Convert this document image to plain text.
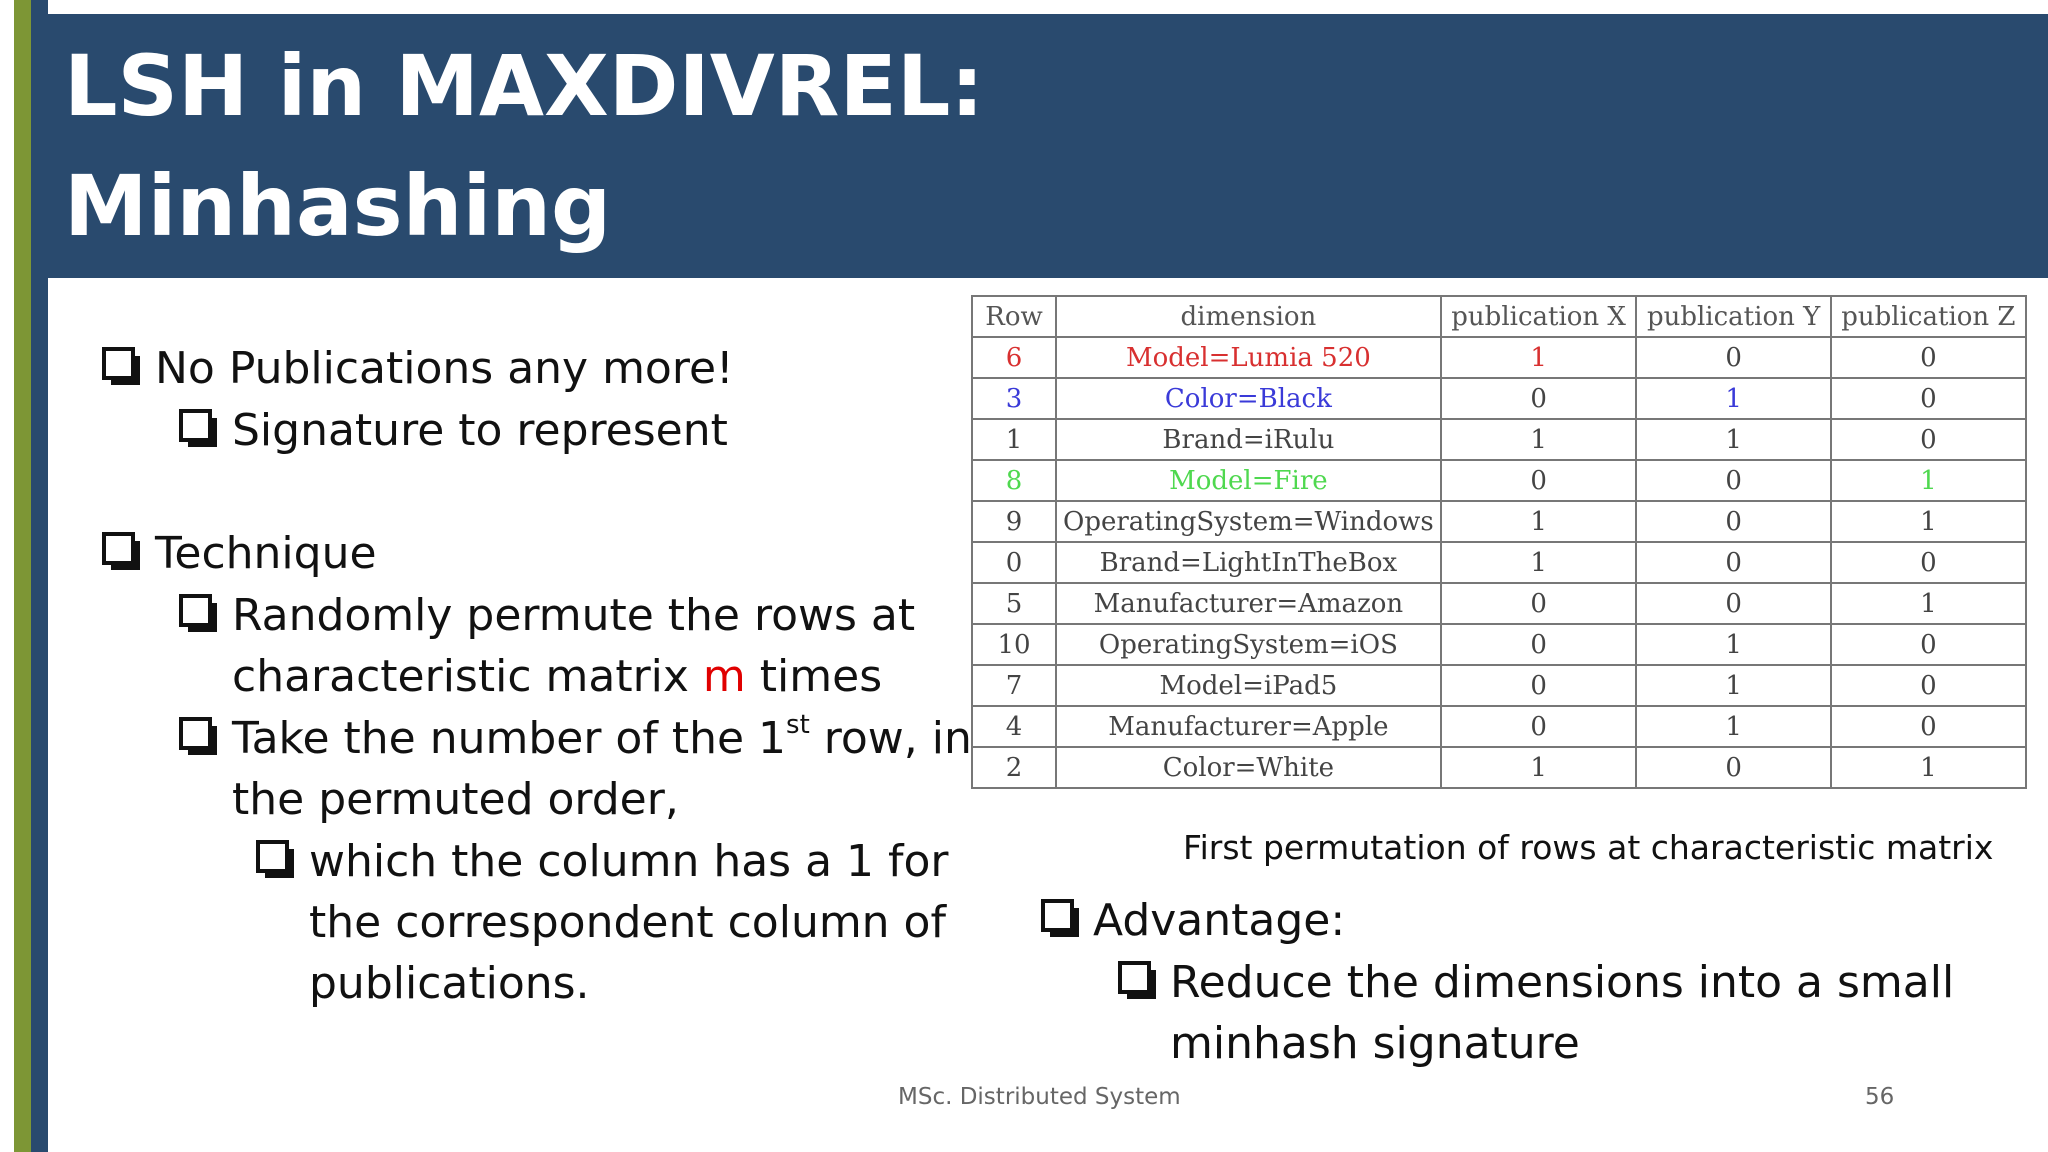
LSH in MAXDIVREL:
Minhashing
No Publications any more!
Signature to represent
Technique
Randomly permute the rows at
characteristic matrix m times
Take the number of the 1st row, in
the permuted order,
which the column has a 1 for
the correspondent column of
publications.
Row	dimension	publication X	publication Y	publication Z
6	Model=Lumia 520	1	0	0
3	Color=Black	0	1	0
1	Brand=iRulu	1	1	0
8	Model=Fire	0	0	1
9	OperatingSystem=Windows	1	0	1
0	Brand=LightInTheBox	1	0	0
5	Manufacturer=Amazon	0	0	1
10	OperatingSystem=iOS	0	1	0
7	Model=iPad5	0	1	0
4	Manufacturer=Apple	0	1	0
2	Color=White	1	0	1
First permutation of rows at characteristic matrix
Advantage:
Reduce the dimensions into a small
minhash signature
MSc. Distributed System	56
